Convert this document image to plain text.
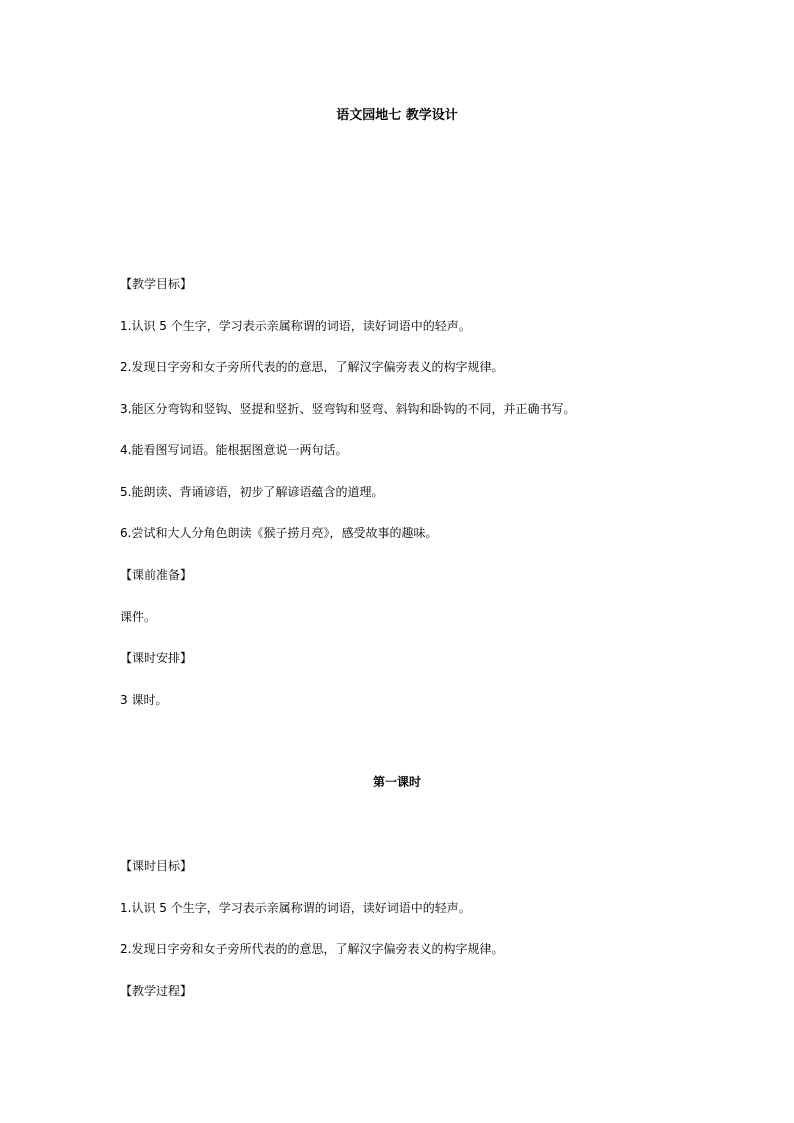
语文园地七 教学设计
【教学目标】
1.认识 5 个生字，学习表示亲属称谓的词语，读好词语中的轻声。
2.发现日字旁和女子旁所代表的的意思，了解汉字偏旁表义的构字规律。
3.能区分弯钩和竖钩、竖提和竖折、竖弯钩和竖弯、斜钩和卧钩的不同，并正确书写。
4.能看图写词语。能根据图意说一两句话。
5.能朗读、背诵谚语，初步了解谚语蕴含的道理。
6.尝试和大人分角色朗读《猴子捞月亮》，感受故事的趣味。
【课前准备】
课件。
【课时安排】
3 课时。
第一课时
【课时目标】
1.认识 5 个生字，学习表示亲属称谓的词语，读好词语中的轻声。
2.发现日字旁和女子旁所代表的的意思，了解汉字偏旁表义的构字规律。
【教学过程】
